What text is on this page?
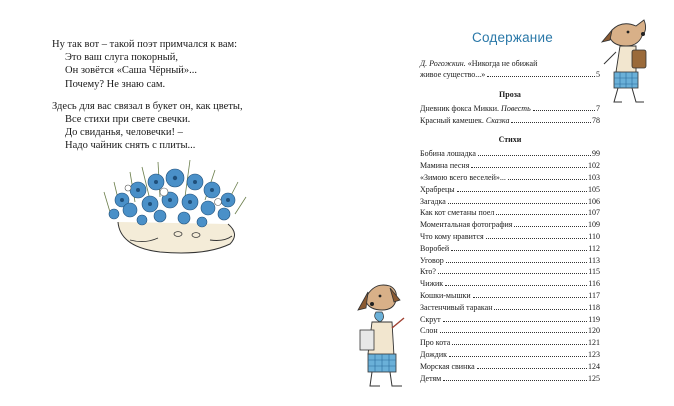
Ну так вот – такой поэт примчался к вам:
Это ваш слуга покорный,
Он зовётся «Саша Чёрный»...
Почему? Не знаю сам.
Здесь для вас связал в букет он, как цветы,
Все стихи при свете свечки.
До свиданья, человечки! –
Надо чайник снять с плиты...
Содержание
Д. Рогожкин. «Никогда не обижай
живое существо...»	5
Проза
Дневник фокса Микки.
Повесть	7
Красный камешек.
Сказка	78
Стихи
Бобина лошадка	99
Мамина песня	102
«Зимою всего веселей»...	103
Храбрецы	105
Загадка	106
Как кот сметаны поел	107
Моментальная фотография	109
Что кому нравится	110
Воробей	112
Уговор	113
Кто?	115
Чижик	116
Кошки-мышки	117
Застенчивый таракан	118
Скрут	119
Слон	120
Про кота	121
Дождик	123
Морская свинка	124
Детям	125
